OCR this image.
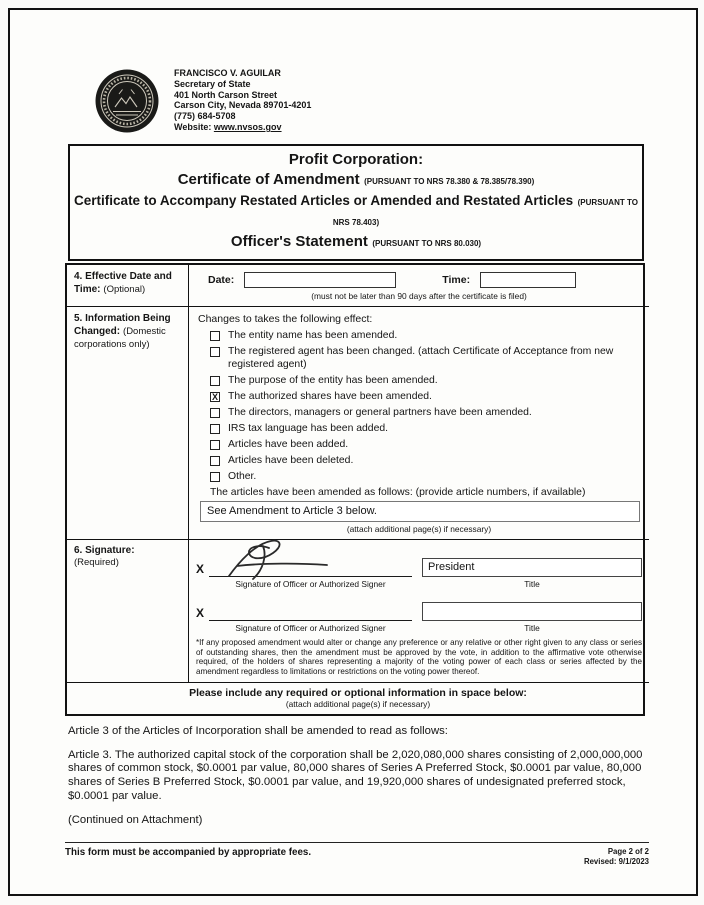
FRANCISCO V. AGUILAR
Secretary of State
401 North Carson Street
Carson City, Nevada 89701-4201
(775) 684-5708
Website: www.nvsos.gov
Profit Corporation:
Certificate of Amendment (PURSUANT TO NRS 78.380 & 78.385/78.390)
Certificate to Accompany Restated Articles or Amended and Restated Articles (PURSUANT TO NRS 78.403)
Officer's Statement (PURSUANT TO NRS 80.030)
4. Effective Date and Time: (Optional)
Date:	Time:
(must not be later than 90 days after the certificate is filed)
5. Information Being Changed: (Domestic corporations only)
Changes to takes the following effect:
The entity name has been amended.
The registered agent has been changed. (attach Certificate of Acceptance from new registered agent)
The purpose of the entity has been amended.
X The authorized shares have been amended.
The directors, managers or general partners have been amended.
IRS tax language has been added.
Articles have been added.
Articles have been deleted.
Other.
The articles have been amended as follows: (provide article numbers, if available)
See Amendment to Article 3 below.
(attach additional page(s) if necessary)
6. Signature:
(Required)	X	President
Signature of Officer or Authorized Signer	Title
X
Signature of Officer or Authorized Signer	Title
*If any proposed amendment would alter or change any preference or any relative or other right given to any class or series of outstanding shares, then the amendment must be approved by the vote, in addition to the affirmative vote otherwise required, of the holders of shares representing a majority of the voting power of each class or series affected by the amendment regardless to limitations or restrictions on the voting power thereof.
Please include any required or optional information in space below:
(attach additional page(s) if necessary)
Article 3 of the Articles of Incorporation shall be amended to read as follows:
Article 3. The authorized capital stock of the corporation shall be 2,020,080,000 shares consisting of 2,000,000,000 shares of common stock, $0.0001 par value, 80,000 shares of Series A Preferred Stock, $0.0001 par value, 80,000 shares of Series B Preferred Stock, $0.0001 par value, and 19,920,000 shares of undesignated preferred stock, $0.0001 par value.
(Continued on Attachment)
This form must be accompanied by appropriate fees.	Page 2 of 2
Revised: 9/1/2023
